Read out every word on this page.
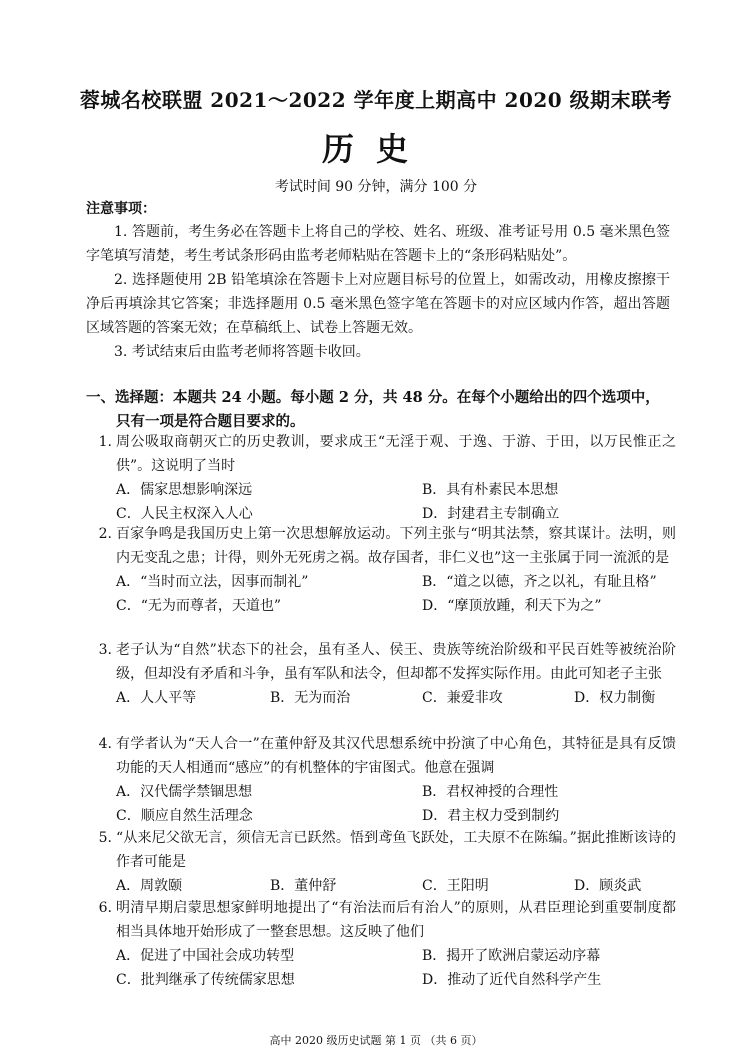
蓉城名校联盟 2021～2022 学年度上期高中 2020 级期末联考
历史
考试时间 90 分钟，满分 100 分
注意事项：
1. 答题前，考生务必在答题卡上将自己的学校、姓名、班级、准考证号用 0.5 毫米黑色签字笔填写清楚，考生考试条形码由监考老师粘贴在答题卡上的“条形码粘贴处”。
2. 选择题使用 2B 铅笔填涂在答题卡上对应题目标号的位置上，如需改动，用橡皮擦擦干净后再填涂其它答案；非选择题用 0.5 毫米黑色签字笔在答题卡的对应区域内作答，超出答题区域答题的答案无效；在草稿纸上、试卷上答题无效。
3. 考试结束后由监考老师将答题卡收回。
一、选择题：本题共 24 小题。每小题 2 分，共 48 分。在每个小题给出的四个选项中，
只有一项是符合题目要求的。
1. 周公吸取商朝灭亡的历史教训，要求成王“无淫于观、于逸、于游、于田，以万民惟正之供”。这说明了当时
A．儒家思想影响深远	B．具有朴素民本思想
C．人民主权深入人心	D．封建君主专制确立
2. 百家争鸣是我国历史上第一次思想解放运动。下列主张与“明其法禁，察其谋计。法明，则内无变乱之患；计得，则外无死虏之祸。故存国者，非仁义也”这一主张属于同一流派的是
A．“当时而立法，因事而制礼”	B．“道之以德，齐之以礼，有耻且格”
C．“无为而尊者，天道也”	D．“摩顶放踵，利天下为之”
3. 老子认为“自然”状态下的社会，虽有圣人、侯王、贵族等统治阶级和平民百姓等被统治阶级，但却没有矛盾和斗争，虽有军队和法令，但却都不发挥实际作用。由此可知老子主张
A．人人平等	B．无为而治	C．兼爱非攻	D．权力制衡
4. 有学者认为“天人合一”在董仲舒及其汉代思想系统中扮演了中心角色，其特征是具有反馈功能的天人相通而“感应”的有机整体的宇宙图式。他意在强调
A．汉代儒学禁锢思想	B．君权神授的合理性
C．顺应自然生活理念	D．君主权力受到制约
5. “从来尼父欲无言，须信无言已跃然。悟到鸢鱼飞跃处，工夫原不在陈编。”据此推断该诗的作者可能是
A．周敦颐	B．董仲舒	C．王阳明	D．顾炎武
6. 明清早期启蒙思想家鲜明地提出了“有治法而后有治人”的原则，从君臣理论到重要制度都相当具体地开始形成了一整套思想。这反映了他们
A．促进了中国社会成功转型	B．揭开了欧洲启蒙运动序幕
C．批判继承了传统儒家思想	D．推动了近代自然科学产生
高中 2020 级历史试题 第 1 页 （共 6 页）
